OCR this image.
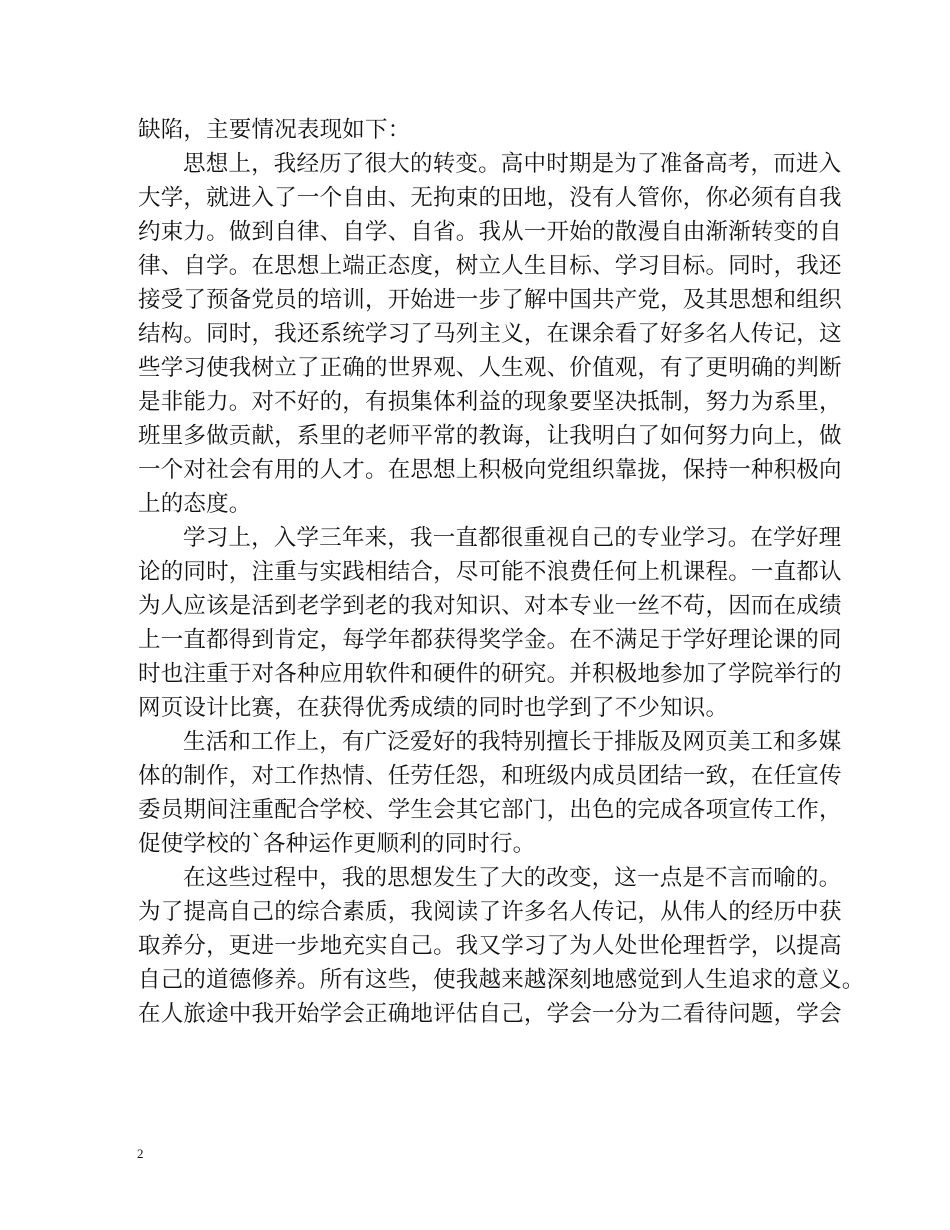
缺陷，主要情况表现如下：
思想上，我经历了很大的转变。高中时期是为了准备高考，而进入
大学，就进入了一个自由、无拘束的田地，没有人管你，你必须有自我
约束力。做到自律、自学、自省。我从一开始的散漫自由渐渐转变的自
律、自学。在思想上端正态度，树立人生目标、学习目标。同时，我还
接受了预备党员的培训，开始进一步了解中国共产党，及其思想和组织
结构。同时，我还系统学习了马列主义，在课余看了好多名人传记，这
些学习使我树立了正确的世界观、人生观、价值观，有了更明确的判断
是非能力。对不好的，有损集体利益的现象要坚决抵制，努力为系里，
班里多做贡献，系里的老师平常的教诲，让我明白了如何努力向上，做
一个对社会有用的人才。在思想上积极向党组织靠拢，保持一种积极向
上的态度。
学习上，入学三年来，我一直都很重视自己的专业学习。在学好理
论的同时，注重与实践相结合，尽可能不浪费任何上机课程。一直都认
为人应该是活到老学到老的我对知识、对本专业一丝不苟，因而在成绩
上一直都得到肯定，每学年都获得奖学金。在不满足于学好理论课的同
时也注重于对各种应用软件和硬件的研究。并积极地参加了学院举行的
网页设计比赛，在获得优秀成绩的同时也学到了不少知识。
生活和工作上，有广泛爱好的我特别擅长于排版及网页美工和多媒
体的制作，对工作热情、任劳任怨，和班级内成员团结一致，在任宣传
委员期间注重配合学校、学生会其它部门，出色的完成各项宣传工作，
促使学校的`各种运作更顺利的同时行。
在这些过程中，我的思想发生了大的改变，这一点是不言而喻的。
为了提高自己的综合素质，我阅读了许多名人传记，从伟人的经历中获
取养分，更进一步地充实自己。我又学习了为人处世伦理哲学，以提高
自己的道德修养。所有这些，使我越来越深刻地感觉到人生追求的意义。
在人旅途中我开始学会正确地评估自己，学会一分为二看待问题，学会
2
